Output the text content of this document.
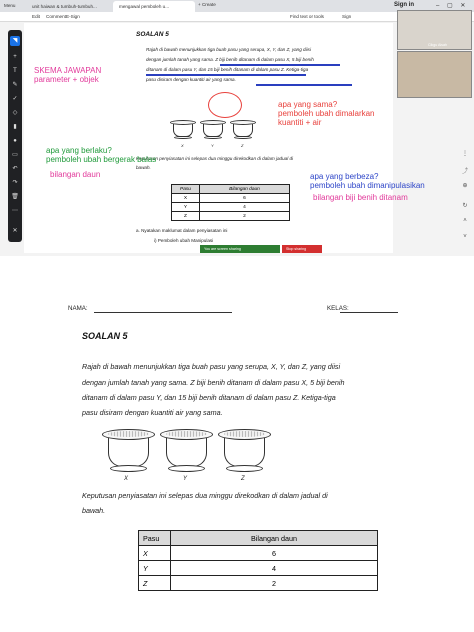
Menu	unit haiwan & tumbuh-tumbuh...	mengawal pemboleh u...	+ Create	Sign in	– ▢ ✕
Edit Comment E-Sign	Find text or tools	Sign
SOALAN 5
Rajah di bawah menunjukkan tiga buah pasu yang serupa, X, Y, dan Z, yang diisi
dengan jumlah tanah yang sama. Z biji benih ditanam di dalam pasu X, 5 biji benih
ditanam di dalam pasu Y, dan 15 biji benih ditanam di dalam pasu Z. Ketiga-tiga
pasu disiram dengan kuantiti air yang sama.
X	Y	Z
Keputusan penyiasatan ini selepas dua minggu direkodkan di dalam jadual di
bawah.
Pasu	Bilangan daun
X	6
Y	4
Z	2
a. Nyatakan maklumat dalam penyiasatan ini
i) Pemboleh ubah Manipulasi
SKEMA JAWAPAN
parameter + objek
apa yang sama?
pemboleh ubah dimalarkan
kuantiti + air
apa yang berlaku?
pemboleh ubah bergerak balas
bilangan daun	apa yang berbeza?
pemboleh ubah dimanipulasikan
bilangan biji benih ditanam
◥
+
T
✎
✓
◇
▮
●
▭
↶
↷
🗑
⋯
✕
⋮
⤴
⊕
↻
˄
˅
Cikgu Aisah
You are screen sharing	Stop sharing
NAMA:	KELAS:
SOALAN 5
Rajah di bawah menunjukkan tiga buah pasu yang serupa, X, Y, dan Z, yang diisi
dengan jumlah tanah yang sama. Z biji benih ditanam di dalam pasu X, 5 biji benih
ditanam di dalam pasu Y, dan 15 biji benih ditanam di dalam pasu Z. Ketiga-tiga
pasu disiram dengan kuantiti air yang sama.
X	Y	Z
Keputusan penyiasatan ini selepas dua minggu direkodkan di dalam jadual di
bawah.
Pasu	Bilangan daun
X	6
Y	4
Z	2
